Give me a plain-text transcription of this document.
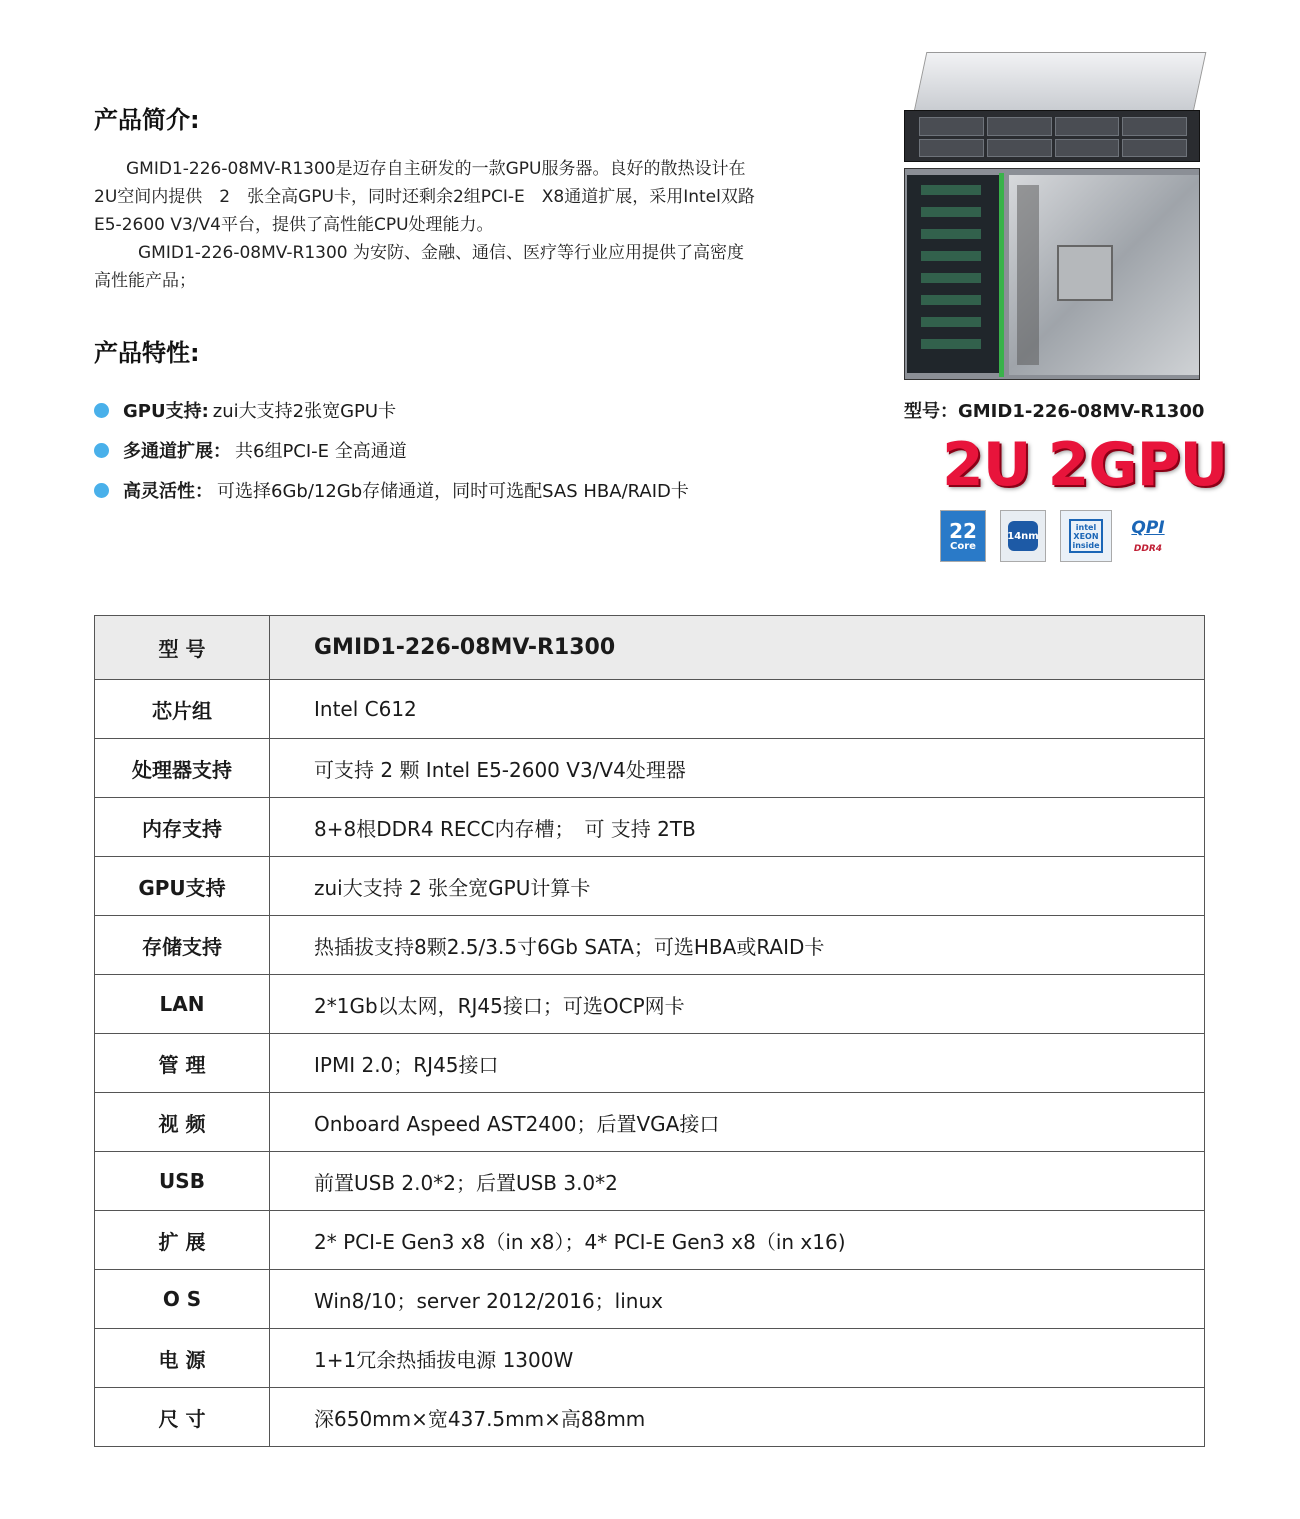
产品简介:

GMID1-226-08MV-R1300是迈存自主研发的一款GPU服务器。良好的散热设计在2U空间内提供　2　张全高GPU卡，同时还剩余2组PCI-E　X8通道扩展，采用Intel双路E5-2600 V3/V4平台，提供了高性能CPU处理能力。

GMID1-226-08MV-R1300 为安防、金融、通信、医疗等行业应用提供了高密度高性能产品；

产品特性:
GPU支持: zui大支持2张宽GPU卡
多通道扩展： 共6组PCI-E 全高通道
高灵活性： 可选择6Gb/12Gb存储通道，同时可选配SAS HBA/RAID卡
型号：GMID1-226-08MV-R1300
2U 2GPU
22
Core
14nm
intel
XEON
inside
QPI
DDR4
型 号	GMID1-226-08MV-R1300
芯片组	Intel C612
处理器支持	可支持 2 颗 Intel E5-2600 V3/V4处理器
内存支持	8+8根DDR4 RECC内存槽；　可 支持 2TB
GPU支持	zui大支持 2 张全宽GPU计算卡
存储支持	热插拔支持8颗2.5/3.5寸6Gb SATA；可选HBA或RAID卡
LAN	2*1Gb以太网，RJ45接口；可选OCP网卡
管 理	IPMI 2.0；RJ45接口
视 频	Onboard Aspeed AST2400；后置VGA接口
USB	前置USB 2.0*2；后置USB 3.0*2
扩 展	2* PCI-E Gen3 x8（in x8）；4* PCI-E Gen3 x8（in x16)
O S	Win8/10；server 2012/2016；linux
电 源	1+1冗余热插拔电源 1300W
尺 寸	深650mm×宽437.5mm×高88mm
